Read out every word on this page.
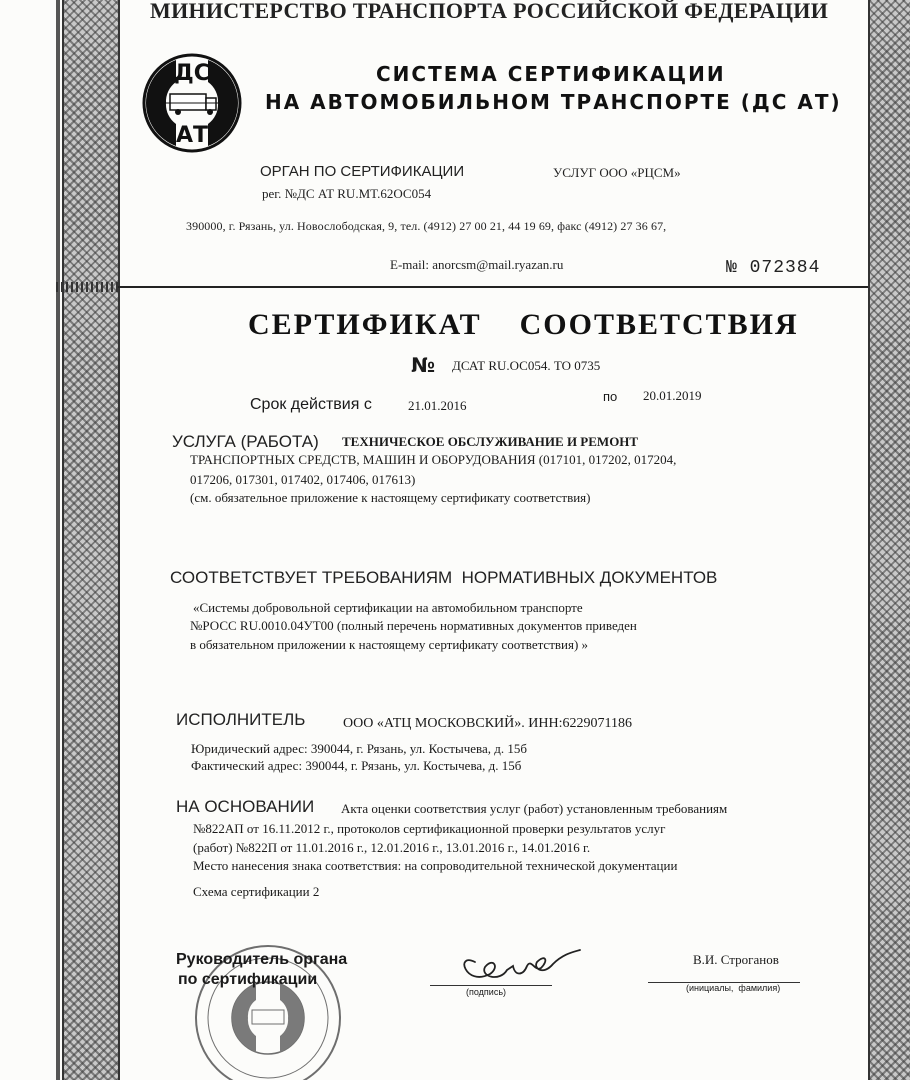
МИНИСТЕРСТВО ТРАНСПОРТА РОССИЙСКОЙ ФЕДЕРАЦИИ
ДС
АТ
СИСТЕМА СЕРТИФИКАЦИИ
НА АВТОМОБИЛЬНОМ ТРАНСПОРТЕ (ДС АТ)
ОРГАН ПО СЕРТИФИКАЦИИ	УСЛУГ ООО «РЦСМ»
рег. №ДС АТ RU.MT.62ОС054
390000, г. Рязань, ул. Новослободская, 9, тел. (4912) 27 00 21, 44 19 69, факс (4912) 27 36 67,
E-mail: anorcsm@mail.ryazan.ru	№ 072384
СЕРТИФИКАТ    СООТВЕТСТВИЯ
№ ДСАТ RU.ОС054. ТО 0735
Срок действия с	21.01.2016
по 20.01.2019
УСЛУГА (РАБОТА) ТЕХНИЧЕСКОЕ ОБСЛУЖИВАНИЕ И РЕМОНТ
ТРАНСПОРТНЫХ СРЕДСТВ, МАШИН И ОБОРУДОВАНИЯ (017101, 017202, 017204,
017206, 017301, 017402, 017406, 017613)
(см. обязательное приложение к настоящему сертификату соответствия)
СООТВЕТСТВУЕТ ТРЕБОВАНИЯМ  НОРМАТИВНЫХ ДОКУМЕНТОВ
«Системы добровольной сертификации на автомобильном транспорте
№РОСС RU.0010.04УТ00 (полный перечень нормативных документов приведен
в обязательном приложении к настоящему сертификату соответствия) »
ИСПОЛНИТЕЛЬ	ООО «АТЦ МОСКОВСКИЙ». ИНН:6229071186
Юридический адрес: 390044, г. Рязань, ул. Костычева, д. 15б
Фактический адрес: 390044, г. Рязань, ул. Костычева, д. 15б
НА ОСНОВАНИИ Акта оценки соответствия услуг (работ) установленным требованиям
№822АП от 16.11.2012 г., протоколов сертификационной проверки результатов услуг
(работ) №822П от 11.01.2016 г., 12.01.2016 г., 13.01.2016 г., 14.01.2016 г.
Место нанесения знака соответствия: на сопроводительной технической документации
Схема сертификации 2
Руководитель органа
по сертификации
(подпись)
В.И. Строганов
(инициалы,  фамилия)
